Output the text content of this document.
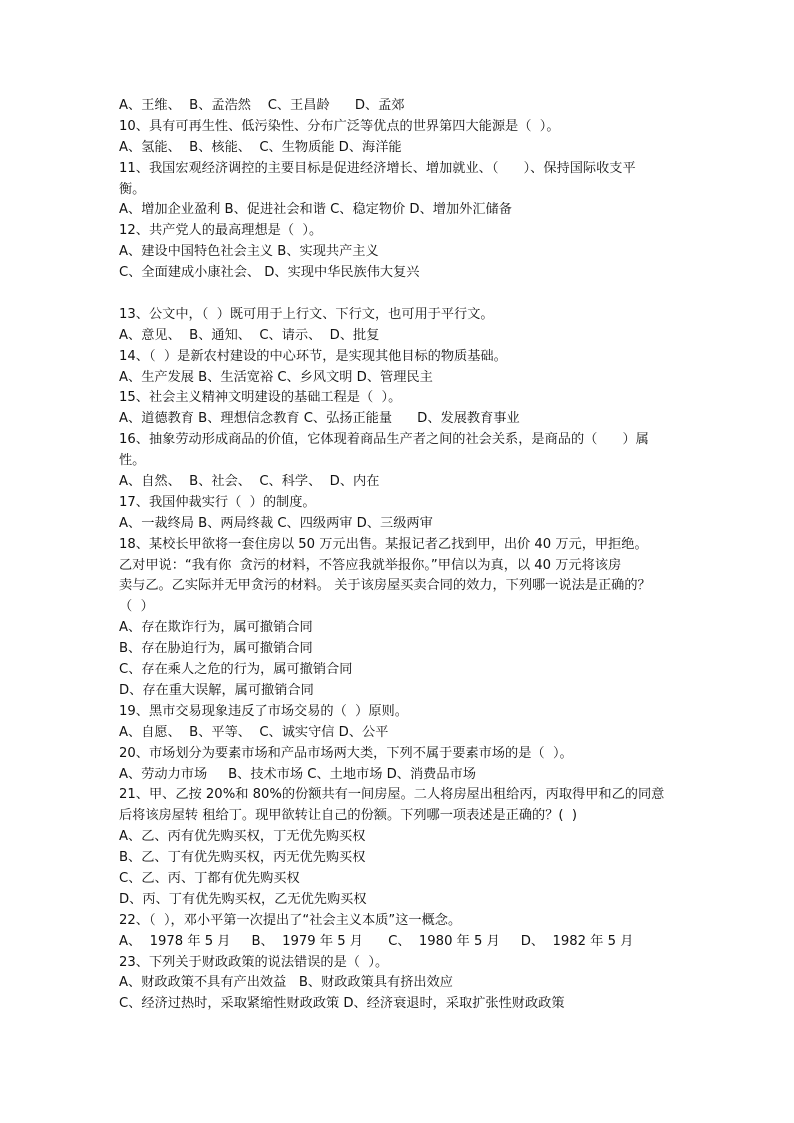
A、王维、  B、孟浩然    C、王昌龄      D、孟郊
10、具有可再生性、低污染性、分布广泛等优点的世界第四大能源是（  ）。
A、氢能、  B、核能、  C、生物质能 D、海洋能
11、我国宏观经济调控的主要目标是促进经济增长、增加就业、（      ）、保持国际收支平
衡。
A、增加企业盈利 B、促进社会和谐 C、稳定物价 D、增加外汇储备
12、共产党人的最高理想是（  ）。
A、建设中国特色社会主义 B、实现共产主义
C、全面建成小康社会、 D、实现中华民族伟大复兴
13、公文中，（  ）既可用于上行文、下行文，也可用于平行文。
A、意见、  B、通知、  C、请示、  D、批复
14、（  ）是新农村建设的中心环节，是实现其他目标的物质基础。
A、生产发展 B、生活宽裕 C、乡风文明 D、管理民主
15、社会主义精神文明建设的基础工程是（  ）。
A、道德教育 B、理想信念教育 C、弘扬正能量      D、发展教育事业
16、抽象劳动形成商品的价值，它体现着商品生产者之间的社会关系，是商品的（      ）属
性。
A、自然、  B、社会、  C、科学、  D、内在
17、我国仲裁实行（  ）的制度。
A、一裁终局 B、两局终裁 C、四级两审 D、三级两审
18、某校长甲欲将一套住房以 50 万元出售。某报记者乙找到甲，出价 40 万元，甲拒绝。
乙对甲说：“我有你  贪污的材料，不答应我就举报你。”甲信以为真，以 40 万元将该房
卖与乙。乙实际并无甲贪污的材料。 关于该房屋买卖合同的效力，下列哪一说法是正确的？
（  ）
A、存在欺诈行为，属可撤销合同
B、存在胁迫行为，属可撤销合同
C、存在乘人之危的行为，属可撤销合同
D、存在重大误解，属可撤销合同
19、黑市交易现象违反了市场交易的（  ）原则。
A、自愿、  B、平等、  C、诚实守信 D、公平
20、市场划分为要素市场和产品市场两大类，下列不属于要素市场的是（  ）。
A、劳动力市场     B、技术市场 C、土地市场 D、消费品市场
21、甲、乙按 20%和 80%的份额共有一间房屋。二人将房屋出租给丙，丙取得甲和乙的同意
后将该房屋转 租给丁。现甲欲转让自己的份额。下列哪一项表述是正确的？(  )
A、乙、丙有优先购买权，丁无优先购买权
B、乙、丁有优先购买权，丙无优先购买权
C、乙、丙、丁都有优先购买权
D、丙、丁有优先购买权，乙无优先购买权
22、（  ），邓小平第一次提出了“社会主义本质”这一概念。
A、  1978 年 5 月     B、  1979 年 5 月      C、  1980 年 5 月     D、  1982 年 5 月
23、下列关于财政政策的说法错误的是（  ）。
A、财政政策不具有产出效益   B、财政政策具有挤出效应
C、经济过热时，采取紧缩性财政政策 D、经济衰退时，采取扩张性财政政策
